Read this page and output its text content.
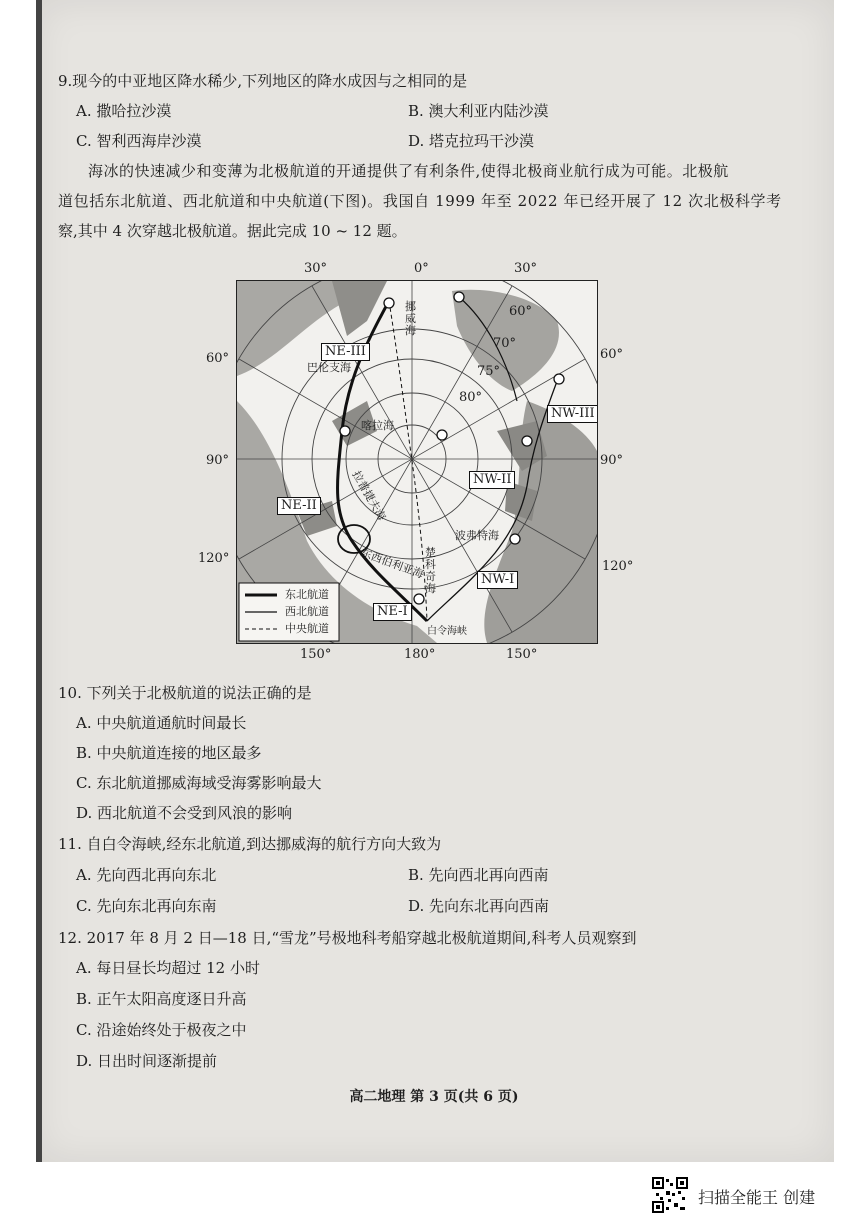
9.现今的中亚地区降水稀少,下列地区的降水成因与之相同的是
A. 撒哈拉沙漠	B. 澳大利亚内陆沙漠
C. 智利西海岸沙漠	D. 塔克拉玛干沙漠
海冰的快速减少和变薄为北极航道的开通提供了有利条件,使得北极商业航行成为可能。北极航
道包括东北航道、西北航道和中央航道(下图)。我国自 1999 年至 2022 年已经开展了 12 次北极科学考
察,其中 4 次穿越北极航道。据此完成 10 ~ 12 题。
30°	0°	30°
150°	180°	150°
60°
90°
120°
60°
90°
120°
60°
70°
75°
80°
NE-III
NE-II
NE-I
NW-III
NW-II
NW-I
挪威海
巴伦支海
喀拉海
拉普捷夫海
东西伯利亚海 楚科奇海
波弗特海
白令海峡
东北航道
西北航道
中央航道
10. 下列关于北极航道的说法正确的是
A. 中央航道通航时间最长
B. 中央航道连接的地区最多
C. 东北航道挪威海域受海雾影响最大
D. 西北航道不会受到风浪的影响
11. 自白令海峡,经东北航道,到达挪威海的航行方向大致为
A. 先向西北再向东北	B. 先向西北再向西南
C. 先向东北再向东南	D. 先向东北再向西南
12. 2017 年 8 月 2 日—18 日,“雪龙”号极地科考船穿越北极航道期间,科考人员观察到
A. 每日昼长均超过 12 小时
B. 正午太阳高度逐日升高
C. 沿途始终处于极夜之中
D. 日出时间逐渐提前
高二地理 第 3 页(共 6 页)
扫描全能王 创建
